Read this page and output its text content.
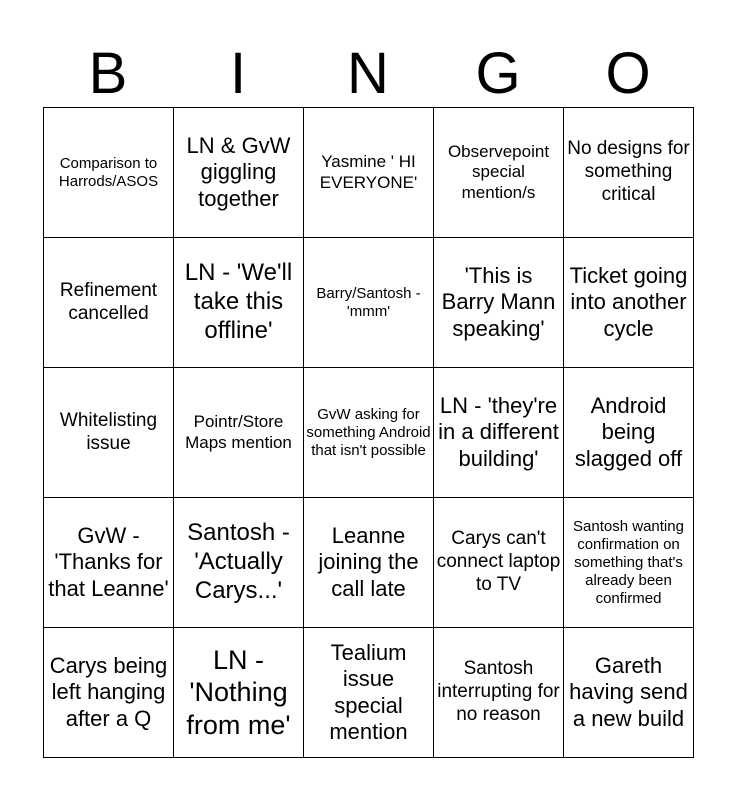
B	I	N	G	O
Comparison to Harrods/ASOS	LN & GvW giggling together	Yasmine ' HI EVERYONE'	Observepoint special mention/s	No designs for something critical
Refinement cancelled	LN - 'We'll take this offline'	Barry/Santosh - 'mmm'	'This is Barry Mann speaking'	Ticket going into another cycle
Whitelisting issue	Pointr/Store Maps mention	GvW asking for something Android that isn't possible	LN - 'they're in a different building'	Android being slagged off
GvW - 'Thanks for that Leanne'	Santosh - 'Actually Carys...'	Leanne joining the call late	Carys can't connect laptop to TV	Santosh wanting confirmation on something that's already been confirmed
Carys being left hanging after a Q	LN - 'Nothing from me'	Tealium issue special mention	Santosh interrupting for no reason	Gareth having send a new build
